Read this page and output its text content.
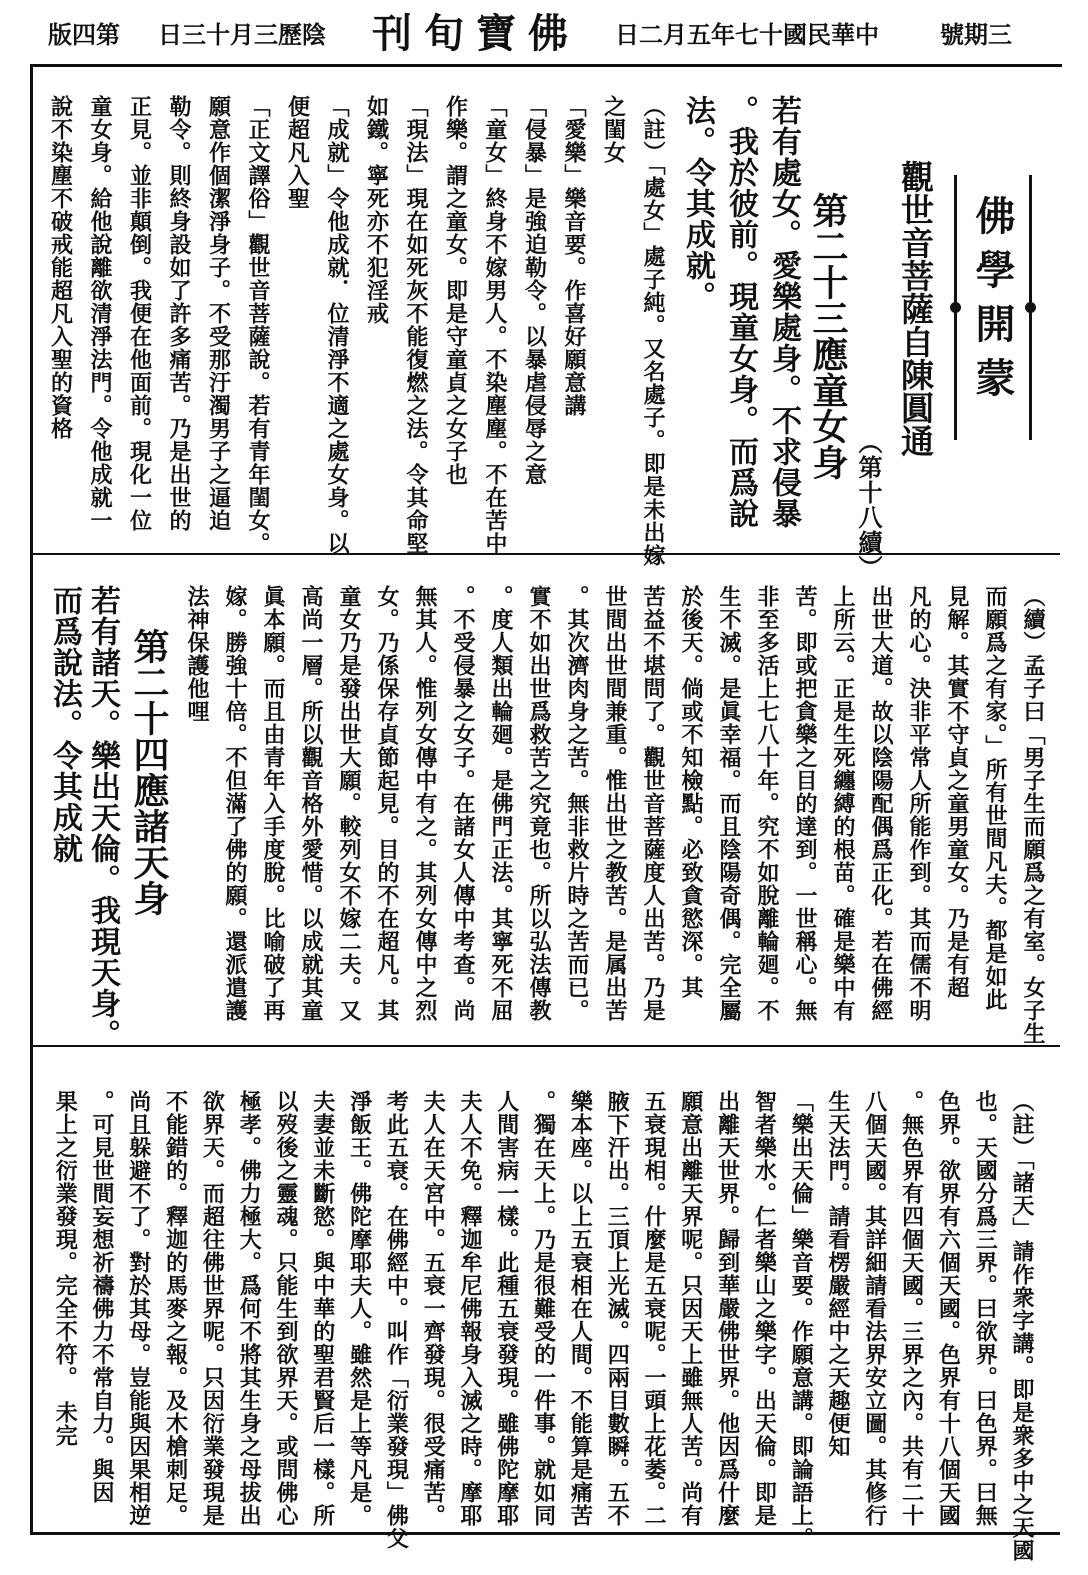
第四版 陰歷三月十三日 佛寶旬刊 中華民國十七年五月二日	三期號
佛學開蒙
觀世音菩薩自陳圓通
（第十八續）
第二十三應童女身
若有處女。愛樂處身。不求侵暴
。我於彼前。現童女身。而爲說
法。令其成就。
（註）「處女」處子純。又名處子。即是未出嫁
之閨女
「愛樂」樂音要。作喜好願意講
「侵暴」是強迫勒令。以暴虐侵辱之意
「童女」終身不嫁男人。不染塵塵。不在苦中
作樂。謂之童女。即是守童貞之女子也
「現法」現在如死灰不能復燃之法。令其命堅
如鐵。寧死亦不犯淫戒
「成就」令他成就．位清淨不適之處女身。以
便超凡入聖
「正文譯俗」觀世音菩薩說。若有青年閨女。
願意作個潔淨身子。不受那汙濁男子之逼迫
勒令。則終身設如了許多痛苦。乃是出世的
正見。並非顛倒。我便在他面前。現化一位
童女身。給他說離欲清淨法門。令他成就一
說不染塵不破戒能超凡入聖的資格
（續）孟子曰「男子生而願爲之有室。女子生
而願爲之有家。」所有世間凡夫。都是如此
見解。其實不守貞之童男童女。乃是有超
凡的心。決非平常人所能作到。其而儒不明
出世大道。故以陰陽配偶爲正化。若在佛經
上所云。正是生死纏縛的根苗。確是樂中有
苦。即或把貪樂之目的達到。一世稱心。無
非至多活上七八十年。究不如脫離輪廻。不
生不滅。是眞幸福。而且陰陽奇偶。完全屬
於後天。倘或不知檢點。必致貪慾深。其
苦益不堪問了。觀世音菩薩度人出苦。乃是
世間出世間兼重。惟出世之教苦。是属出苦
。其次濟肉身之苦。無非救片時之苦而已。
實不如出世爲救苦之究竟也。所以弘法傳教
。度人類出輪廻。是佛門正法。其寧死不屈
。不受侵暴之女子。在諸女人傳中考查。尚
無其人。惟列女傳中有之。其列女傳中之烈
女。乃係保存貞節起見。目的不在超凡。其
童女乃是發出世大願。較列女不嫁二夫。又
高尚一層。所以觀音格外愛惜。以成就其童
眞本願。而且由青年入手度脫。比喻破了再
嫁。勝強十倍。不但滿了佛的願。還派遣護
法神保護他哩
第二十四應諸天身
若有諸天。樂出天倫。我現天身。
而爲說法。令其成就
（註）「諸天」請作衆字講。即是衆多中之天國
也。天國分爲三界。曰欲界。曰色界。曰無
色界。欲界有六個天國。色界有十八個天國
。無色界有四個天國。三界之內。共有二十
八個天國。其詳細請看法界安立圖。其修行
生天法門。請看楞嚴經中之天趣便知
「樂出天倫」樂音要。作願意講。即論語上。
智者樂水。仁者樂山之樂字。出天倫。即是
出離天世界。歸到華嚴佛世界。他因爲什麼
願意出離天界呢。只因天上雖無人苦。尚有
五衰現相。什麼是五衰呢。一頭上花萎。二
腋下汗出。三頂上光滅。四兩目數瞬。五不
樂本座。以上五衰相在人間。不能算是痛苦
。獨在天上。乃是很難受的一件事。就如同
人間害病一樣。此種五衰發現。雖佛陀摩耶
夫人不免。釋迦牟尼佛報身入滅之時。摩耶
夫人在天宮中。五衰一齊發現。很受痛苦。
考此五衰。在佛經中。叫作「衍業發現」佛父
淨飯王。佛陀摩耶夫人。雖然是上等凡是。
夫妻並未斷慾。與中華的聖君賢后一樣。所
以歿後之靈魂。只能生到欲界天。或問佛心
極孝。佛力極大。爲何不將其生身之母拔出
欲界天。而超往佛世界呢。只因衍業發現是
不能錯的。釋迦的馬麥之報。及木槍刺足。
尚且躲避不了。對於其母。豈能與因果相逆
。可見世間妄想祈禱佛力不常自力。與因
果上之衍業發現。完全不符。　未完
